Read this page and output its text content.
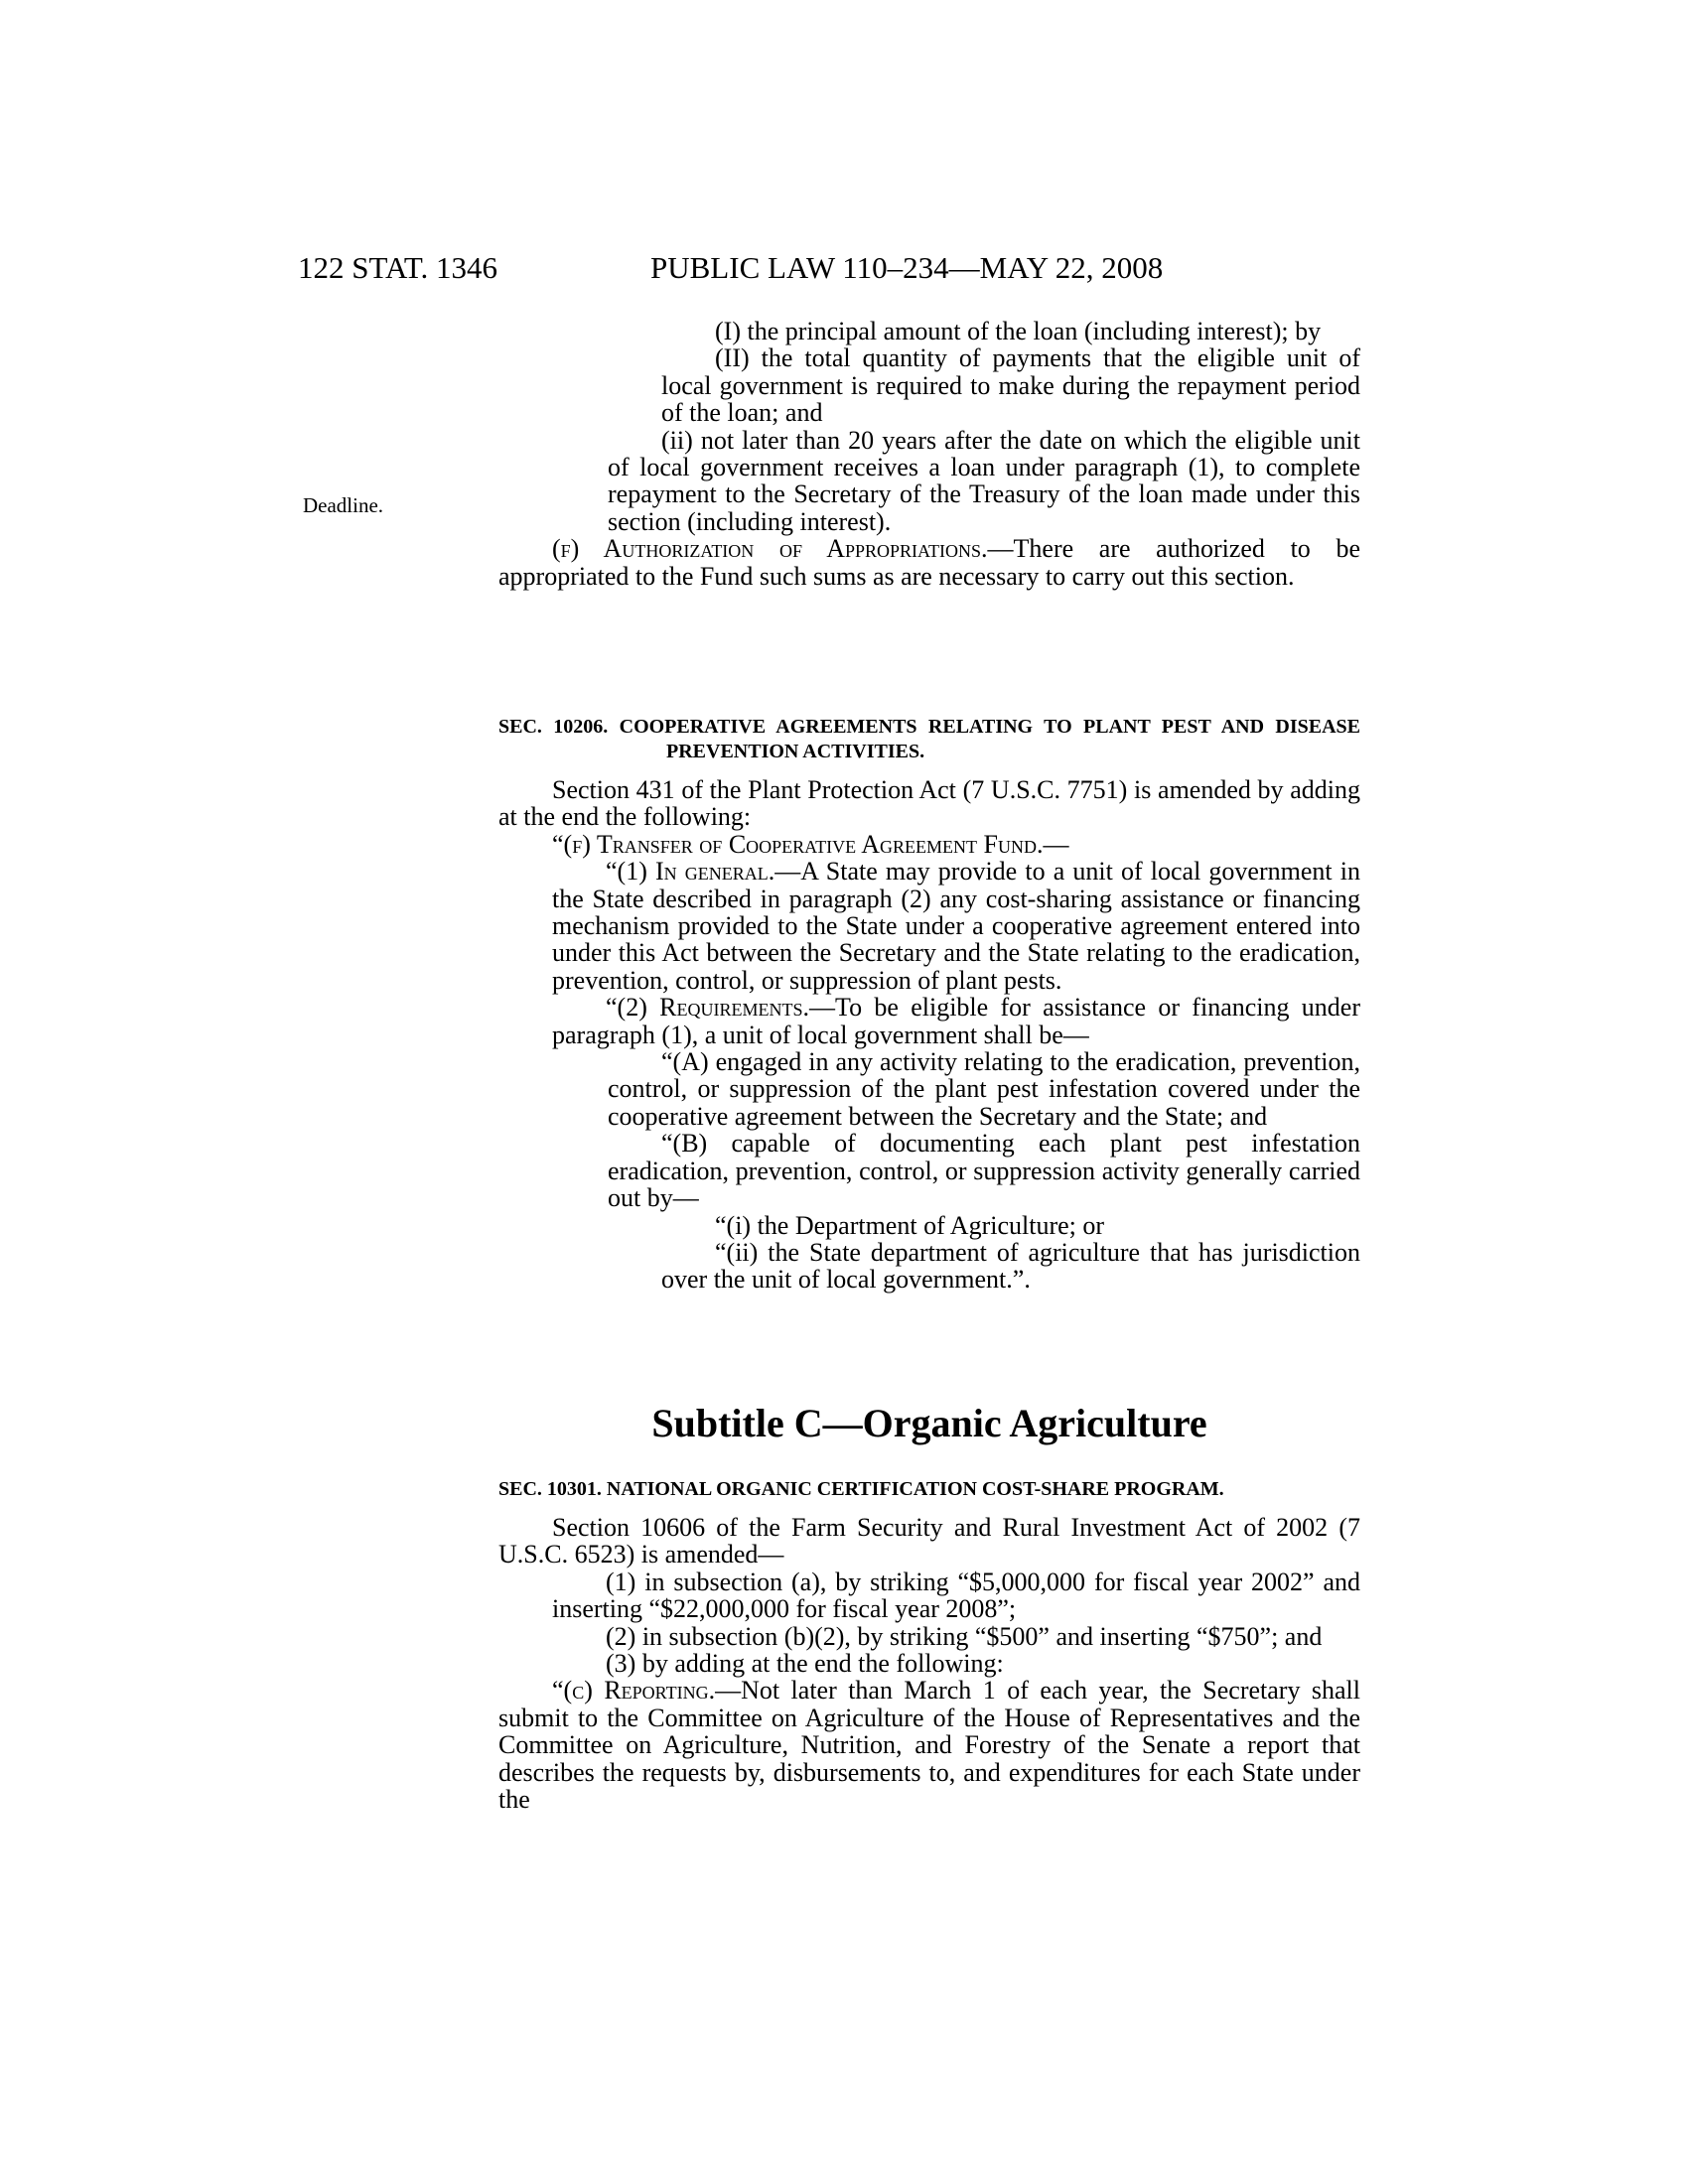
122 STAT. 1346	PUBLIC LAW 110–234—MAY 22, 2008
Deadline.

(I) the principal amount of the loan (including interest); by

(II) the total quantity of payments that the eligible unit of local government is required to make during the repayment period of the loan; and

(ii) not later than 20 years after the date on which the eligible unit of local government receives a loan under paragraph (1), to complete repayment to the Secretary of the Treasury of the loan made under this section (including interest).

(f) Authorization of Appropriations.—There are authorized to be appropriated to the Fund such sums as are necessary to carry out this section.

SEC. 10206. COOPERATIVE AGREEMENTS RELATING TO PLANT PEST AND DISEASE PREVENTION ACTIVITIES.

Section 431 of the Plant Protection Act (7 U.S.C. 7751) is amended by adding at the end the following:

“(f) Transfer of Cooperative Agreement Fund.—

“(1) In general.—A State may provide to a unit of local government in the State described in paragraph (2) any cost-sharing assistance or financing mechanism provided to the State under a cooperative agreement entered into under this Act between the Secretary and the State relating to the eradication, prevention, control, or suppression of plant pests.

“(2) Requirements.—To be eligible for assistance or financing under paragraph (1), a unit of local government shall be—

“(A) engaged in any activity relating to the eradication, prevention, control, or suppression of the plant pest infestation covered under the cooperative agreement between the Secretary and the State; and

“(B) capable of documenting each plant pest infestation eradication, prevention, control, or suppression activity generally carried out by—

“(i) the Department of Agriculture; or

“(ii) the State department of agriculture that has jurisdiction over the unit of local government.”.

Subtitle C—Organic Agriculture

SEC. 10301. NATIONAL ORGANIC CERTIFICATION COST-SHARE PROGRAM.

Section 10606 of the Farm Security and Rural Investment Act of 2002 (7 U.S.C. 6523) is amended—

(1) in subsection (a), by striking “$5,000,000 for fiscal year 2002” and inserting “$22,000,000 for fiscal year 2008”;

(2) in subsection (b)(2), by striking “$500” and inserting “$750”; and

(3) by adding at the end the following:

“(c) Reporting.—Not later than March 1 of each year, the Secretary shall submit to the Committee on Agriculture of the House of Representatives and the Committee on Agriculture, Nutrition, and Forestry of the Senate a report that describes the requests by, disbursements to, and expenditures for each State under the
